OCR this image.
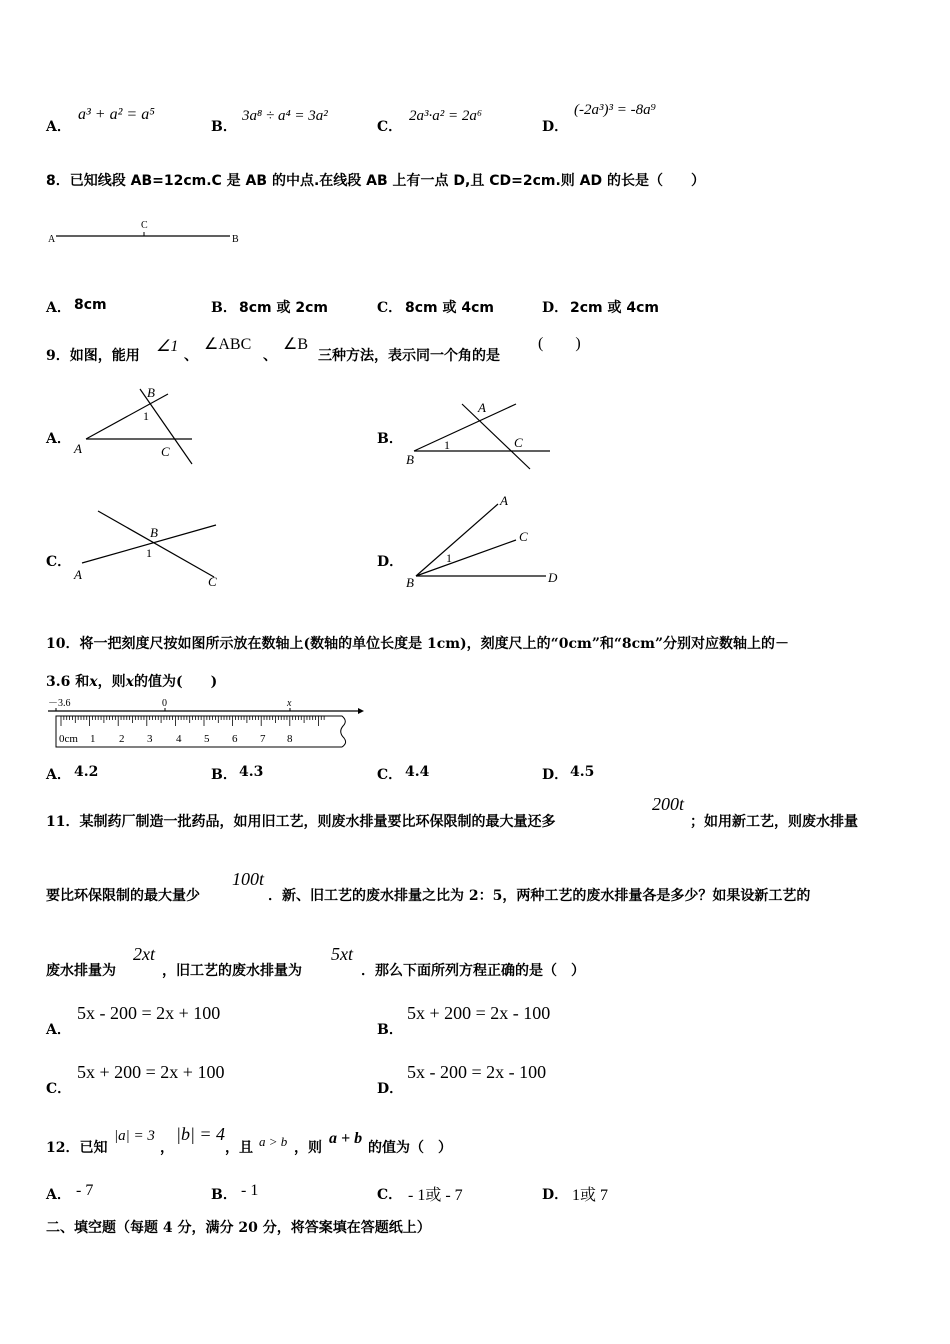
A．
a³ + a² = a⁵
B．
3a⁸ ÷ a⁴ = 3a²
C．
2a³·a² = 2a⁶
D．
(-2a³)³ = -8a⁹
8．已知线段 AB=12cm.C 是 AB 的中点.在线段 AB 上有一点 D,且 CD=2cm.则 AD 的长是（　　）
A
C
B
A． 8cm	B． 8cm 或 2cm	C． 8cm 或 4cm	D． 2cm 或 4cm
9．如图，能用
∠1
、
∠ABC
、
∠B
三种方法，表示同一个角的是
(　　)
A．
B
1
A	C
B．
A
1	C
B
C．
B
1
A	C
D．
A
C
1
B	D
10．将一把刻度尺按如图所示放在数轴上(数轴的单位长度是 1cm)，刻度尺上的“0cm”和“8cm”分别对应数轴上的－
3.6 和x，则x的值为(　　)
－3.6	0	x
0cm 1 2 3 4 5 6 7 8
A． 4.2	B． 4.3	C． 4.4	D． 4.5
11．某制药厂制造一批药品，如用旧工艺，则废水排量要比环保限制的最大量还多
200t
；如用新工艺，则废水排量
要比环保限制的最大量少
100t
．新、旧工艺的废水排量之比为 2：5，两种工艺的废水排量各是多少？如果设新工艺的
废水排量为
2xt
，旧工艺的废水排量为
5xt
．那么下面所列方程正确的是（　）
A．
5x - 200 = 2x + 100
B．
5x + 200 = 2x - 100
C．
5x + 200 = 2x + 100
D．
5x - 200 = 2x - 100
12．已知
|a| = 3
，
|b| = 4
，且 a > b ，则
a + b
的值为（　）
A． - 7	B． - 1	C． - 1或 - 7	D． 1或 7
二、填空题（每题 4 分，满分 20 分，将答案填在答题纸上）
